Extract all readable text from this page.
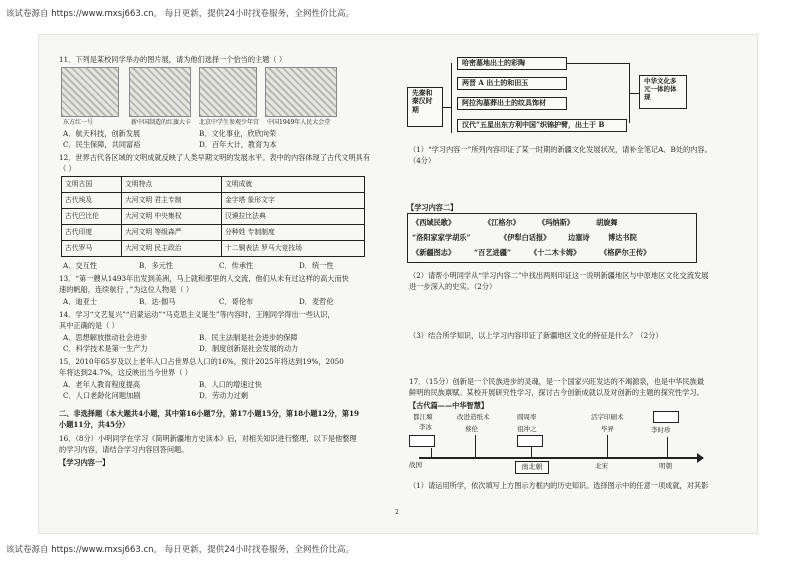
该试卷源自 https://www.mxsj663.cn。 每日更新，提供24小时找卷服务，全网性价比高。
该试卷源自 https://www.mxsj663.cn。 每日更新，提供24小时找卷服务，全网性价比高。
11．下列是某校同学举办的图片展，请为他们选择一个恰当的主题（ ）
东方红一号	新中国制造的红旗大卡 北京中学生参观少年宫 中国1949年人民大会堂
A．航天科技，创新发展	B．文化事业，欣欣向荣
C．民生保障，共同富裕	D．百年大计，教育为本
12．世界古代各区域的文明成就反映了人类早期文明的发展水平。表中的内容体现了古代文明具有
（ ）
文明古国	文明特点	文明成就
古代埃及	大河文明 君主专制	金字塔 象形文字
古代巴比伦	大河文明 中央集权	汉谟拉比法典
古代印度	大河文明 等级森严	分种姓 专制制度
古代罗马	大河文明 民主政治	十二铜表法 罗马大竞技场
A．交互性	B．多元性	C．传承性	D．统一性
13．“第一艘从1493年出发到美洲，马上就和那里的人交流，他们从未有过这样的高大而快
速的帆船，连续航行 ，”为这位人物是（ ）
A．迪亚士	B．达·伽马	C．哥伦布	D．麦哲伦
14．学习“文艺复兴”“启蒙运动”“马克思主义诞生”等内容时，王刚同学得出一些认识，
其中正确的是（ ）
A．思想解放推动社会进步	B．民主法制是社会进步的保障
C．科学技术是第一生产力	D．制度创新是社会发展的动力
15．2010年65岁及以上老年人口占世界总人口的16%，预计2025年将达到19%，2050
年将达到24.7%，这反映出当今世界（ ）
A．老年人教育程度提高	B．人口的增速过快
C．人口老龄化问题加剧	D．劳动力过剩
二、非选择题（本大题共4小题，其中第16小题7分，第17小题15分，第18小题12分，第19
小题11分，共45分）
16．（8分）小明同学在学习《简明新疆地方史读本》后，对相关知识进行整理，以下是他整理
的学习内容，请结合学习内容回答问题。
【学习内容一】
先秦和秦汉时期
哈密墓地出土的彩陶
两晋 A 出土的和田玉
阿拉沟墓葬出土的纹具饰材
汉代“五星出东方利中国”织锦护臂，出土于 B
中华文化多元一体的体现
（1）“学习内容一”所列内容印证了某一时期的新疆文化发展状况，请补全笔记A、B处的内容。
（4分）
【学习内容二】
《西域民歌》	《江格尔》	《玛纳斯》	胡旋舞
“洛阳家家学胡乐”	《伊犁白话报》 边塞诗	博达书院
《新疆图志》	“百艺进疆”	《十二木卡姆》	《格萨尔王传》
（2）请帮小明同学从“学习内容二”中找出两则印证这一说明新疆地区与中原地区文化交流发展
进一步深入的史实。（2分）
（3）结合所学知识，以上学习内容印证了新疆地区文化的特征是什么？（2分）
17．（15分）创新是一个民族进步的灵魂，是一个国家兴旺发达的不竭源泉，也是中华民族最
鲜明的民族禀赋。某校开展研究性学习，探讨古今创新成就以及对创新的主题的探究性学习。
【古代篇——中华智慧】
都江堰
李冰
改进造纸术
蔡伦
圆周率
祖冲之
活字印刷术
毕昇	李时珍
战国	南北朝	北宋	明朝
（1）请运用所学，依次填写上方图示方框内的历史知识。选择图示中的任意一项成就，对其影
2
